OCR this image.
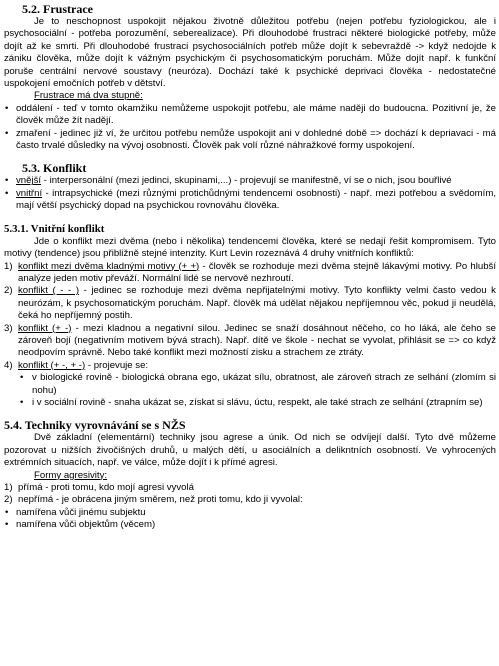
5.2. Frustrace

Je to neschopnost uspokojit nějakou životně důležitou potřebu (nejen potřebu fyziologickou, ale i psychosociální - potřeba porozumění, seberealizace). Při dlouhodobé frustraci některé biologické potřeby, může dojít až ke smrti. Při dlouhodobé frustraci psychosociálních potřeb může dojít k sebevraždě -> když nedojde k zániku člověka, může dojít k vážným psychickým či psychosomatickým poruchám. Může dojít např. k funkční poruše centrální nervové soustavy (neuróza). Dochází také k psychické deprivaci člověka - nedostatečné uspokojení emočních potřeb v dětství.

Frustrace má dva stupně:

• oddálení - teď v tomto okamžiku nemůžeme uspokojit potřebu, ale máme naději do budoucna. Pozitivní je, že člověk může žít nadějí.
• zmaření - jedinec již ví, že určitou potřebu nemůže uspokojit ani v dohledné době => dochází k depriavaci - má často trvalé důsledky na vývoj osobnosti. Člověk pak volí různé náhražkové formy uspokojení.
5.3. Konflikt
• vnější - interpersonální (mezi jedinci, skupinami,...) - projevují se manifestně, ví se o nich, jsou bouřlivé
• vnitřní - intrapsychické (mezi různými protichůdnými tendencemi osobnosti) - např. mezi potřebou a svědomím, mají větší psychický dopad na psychickou rovnováhu člověka.
5.3.1. Vnitřní konflikt

Jde o konflikt mezi dvěma (nebo i několika) tendencemi člověka, které se nedají řešit kompromisem. Tyto motivy (tendence) jsou přibližně stejné intenzity. Kurt Levin rozeznává 4 druhy vnitřních konfliktů:

1) konflikt mezi dvěma kladnými motivy (+ +) - člověk se rozhoduje mezi dvěma stejně lákavými motivy. Po hlubší analýze jeden motiv převáží. Normální lidé se nervově nezhroutí.
2) konflikt ( - - ) - jedinec se rozhoduje mezi dvěma nepřijatelnými motivy. Tyto konflikty velmi často vedou k neurózám, k psychosomatickým poruchám. Např. člověk má udělat nějakou nepříjemnou věc, pokud ji neudělá, čeká ho nepříjemný postih.
3) konflikt (+ -) - mezi kladnou a negativní silou. Jedinec se snaží dosáhnout něčeho, co ho láká, ale čeho se zároveň bojí (negativním motivem bývá strach). Např. dítě ve škole - nechat se vyvolat, přihlásit se => co když neodpovím správně. Nebo také konflikt mezi možností zisku a strachem ze ztráty.
4) konflikt (+ -, + -) - projevuje se:
• v biologické rovině - biologická obrana ego, ukázat sílu, obratnost, ale zároveň strach ze selhání (zlomím si nohu)
• i v sociální rovině - snaha ukázat se, získat si slávu, úctu, respekt, ale také strach ze selhání (ztrapním se)
5.4. Techniky vyrovnávání se s NŽS

Dvě základní (elementární) techniky jsou agrese a únik. Od nich se odvíjejí další. Tyto dvě můžeme pozorovat u nižších živočišných druhů, u malých dětí, u asociálních a delikntních osobností. Ve vyhrocených extrémních situacích, např. ve válce, může dojít i k přímé agresi.

Formy agresivity:

1) přímá - proti tomu, kdo mojí agresi vyvolá
2) nepřímá - je obrácena jiným směrem, než proti tomu, kdo ji vyvolal:
• namířena vůči jinému subjektu
• namířena vůči objektům (věcem)
